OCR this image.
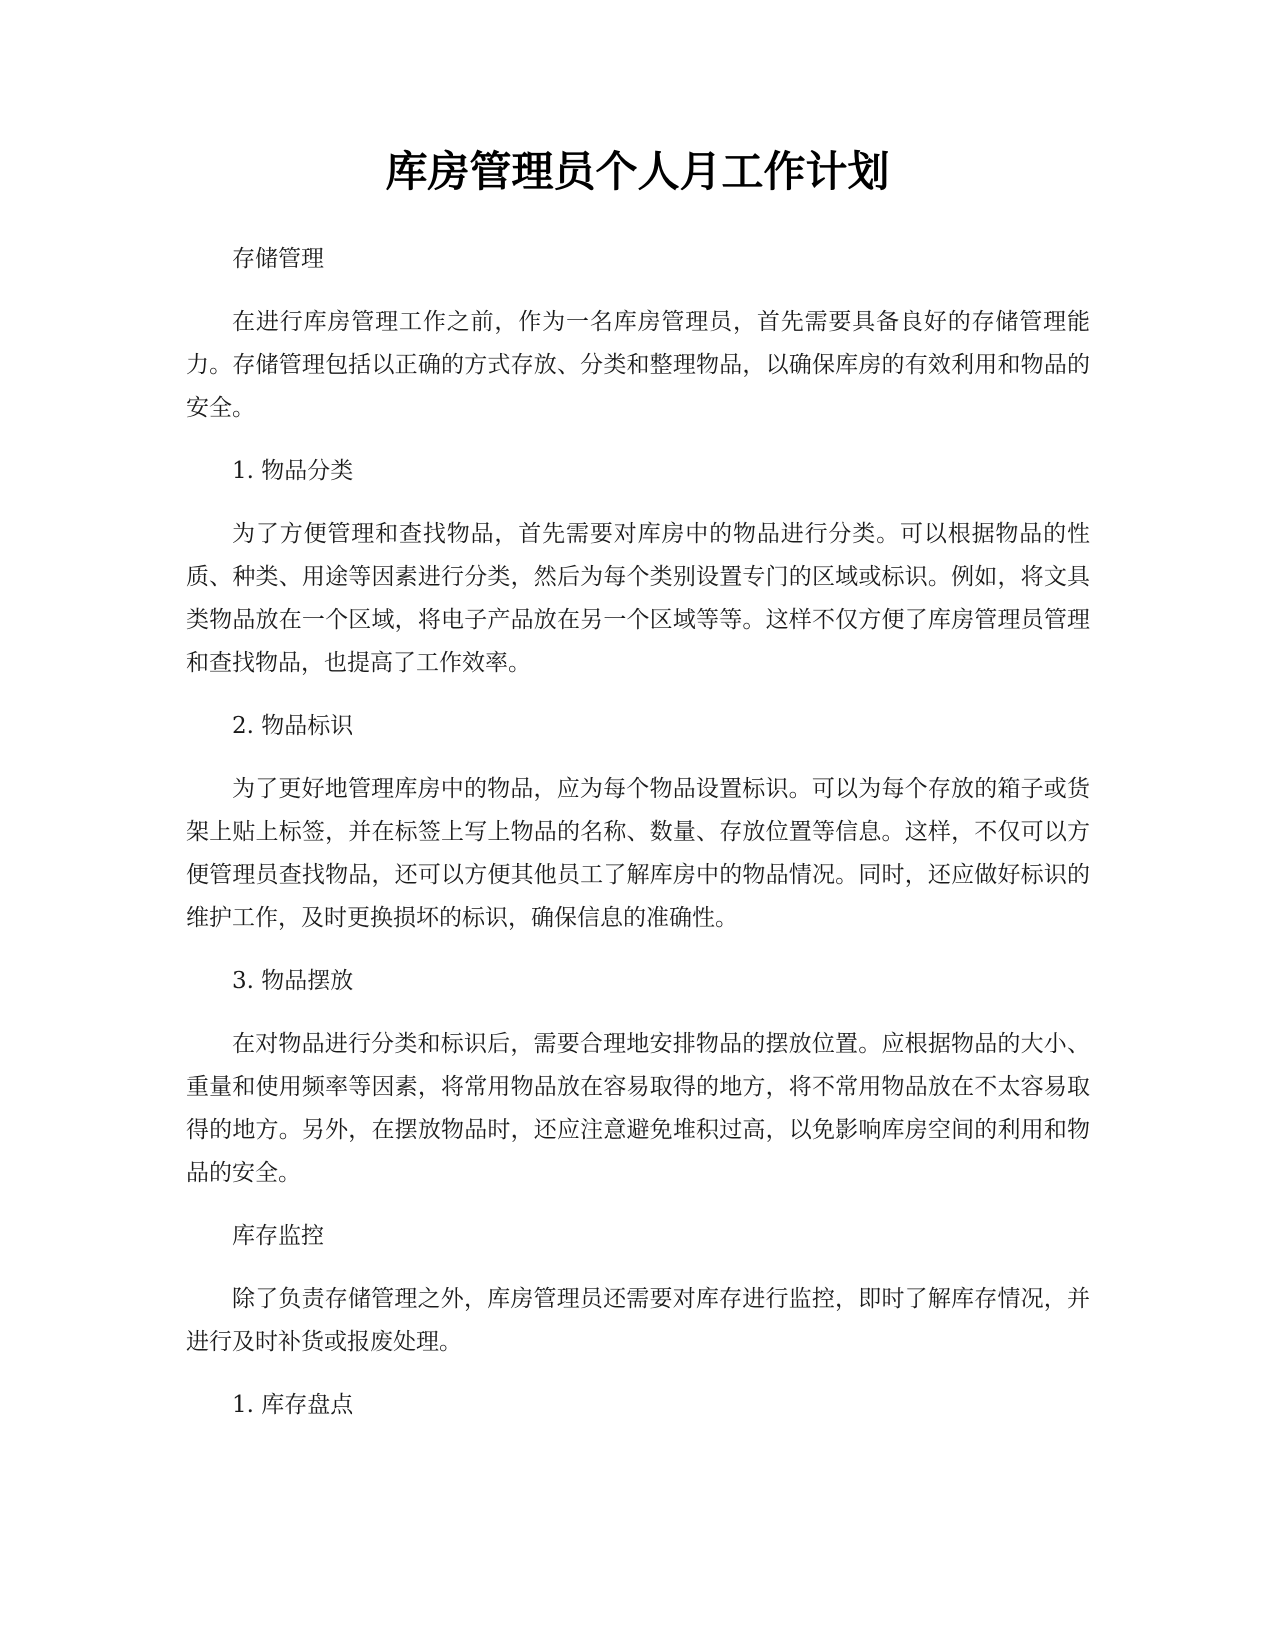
库房管理员个人月工作计划

存储管理

在进行库房管理工作之前，作为一名库房管理员，首先需要具备良好的存储管理能力。存储管理包括以正确的方式存放、分类和整理物品，以确保库房的有效利用和物品的安全。

1. 物品分类

为了方便管理和查找物品，首先需要对库房中的物品进行分类。可以根据物品的性质、种类、用途等因素进行分类，然后为每个类别设置专门的区域或标识。例如，将文具类物品放在一个区域，将电子产品放在另一个区域等等。这样不仅方便了库房管理员管理和查找物品，也提高了工作效率。

2. 物品标识

为了更好地管理库房中的物品，应为每个物品设置标识。可以为每个存放的箱子或货架上贴上标签，并在标签上写上物品的名称、数量、存放位置等信息。这样，不仅可以方便管理员查找物品，还可以方便其他员工了解库房中的物品情况。同时，还应做好标识的维护工作，及时更换损坏的标识，确保信息的准确性。

3. 物品摆放

在对物品进行分类和标识后，需要合理地安排物品的摆放位置。应根据物品的大小、重量和使用频率等因素，将常用物品放在容易取得的地方，将不常用物品放在不太容易取得的地方。另外，在摆放物品时，还应注意避免堆积过高，以免影响库房空间的利用和物品的安全。

库存监控

除了负责存储管理之外，库房管理员还需要对库存进行监控，即时了解库存情况，并进行及时补货或报废处理。

1. 库存盘点
